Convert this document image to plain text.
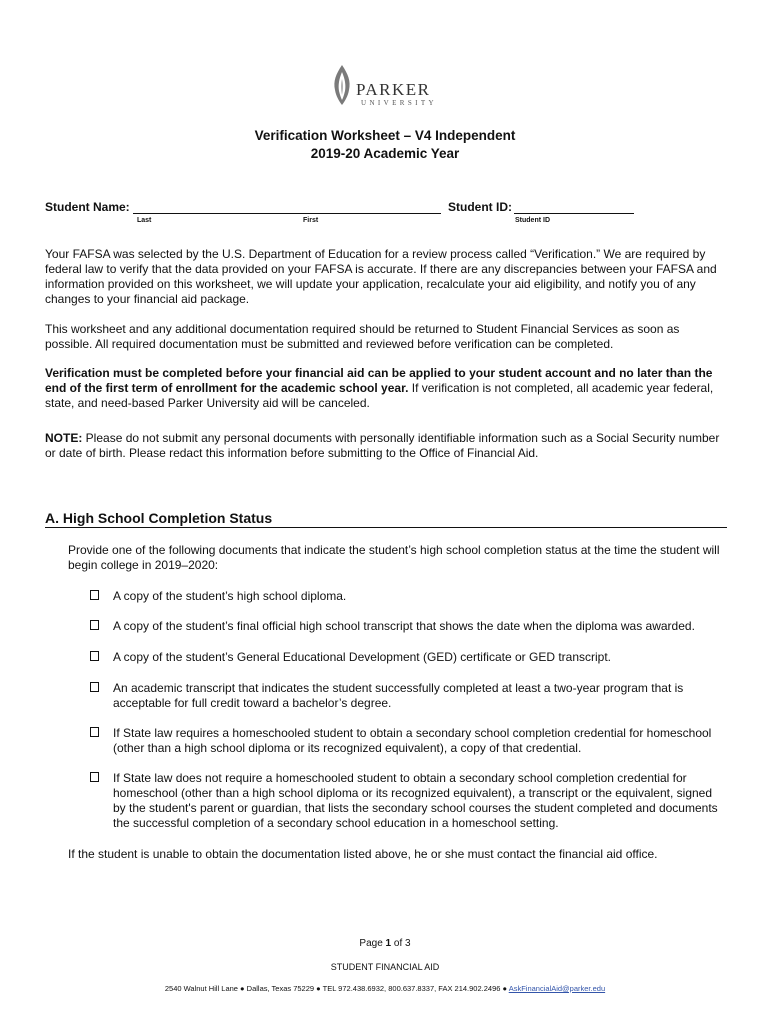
PARKER
UNIVERSITY
Verification Worksheet – V4 Independent
2019-20 Academic Year
Student Name:
Last	First
Student ID:
Student ID
Your FAFSA was selected by the U.S. Department of Education for a review process called “Verification.” We are required by federal law to verify that the data provided on your FAFSA is accurate. If there are any discrepancies between your FAFSA and information provided on this worksheet, we will update your application, recalculate your aid eligibility, and notify you of any changes to your financial aid package.
This worksheet and any additional documentation required should be returned to Student Financial Services as soon as possible. All required documentation must be submitted and reviewed before verification can be completed.
Verification must be completed before your financial aid can be applied to your student account and no later than the end of the first term of enrollment for the academic school year. If verification is not completed, all academic year federal, state, and need-based Parker University aid will be canceled.
NOTE: Please do not submit any personal documents with personally identifiable information such as a Social Security number or date of birth. Please redact this information before submitting to the Office of Financial Aid.
A. High School Completion Status
Provide one of the following documents that indicate the student’s high school completion status at the time the student will begin college in 2019–2020:
A copy of the student’s high school diploma.
A copy of the student’s final official high school transcript that shows the date when the diploma was awarded.
A copy of the student’s General Educational Development (GED) certificate or GED transcript.
An academic transcript that indicates the student successfully completed at least a two-year program that is acceptable for full credit toward a bachelor’s degree.
If State law requires a homeschooled student to obtain a secondary school completion credential for homeschool (other than a high school diploma or its recognized equivalent), a copy of that credential.
If State law does not require a homeschooled student to obtain a secondary school completion credential for homeschool (other than a high school diploma or its recognized equivalent), a transcript or the equivalent, signed by the student's parent or guardian, that lists the secondary school courses the student completed and documents the successful completion of a secondary school education in a homeschool setting.
If the student is unable to obtain the documentation listed above, he or she must contact the financial aid office.
Page 1 of 3
STUDENT FINANCIAL AID
2540 Walnut Hill Lane ● Dallas, Texas 75229 ● TEL 972.438.6932, 800.637.8337, FAX 214.902.2496 ● AskFinancialAid@parker.edu
